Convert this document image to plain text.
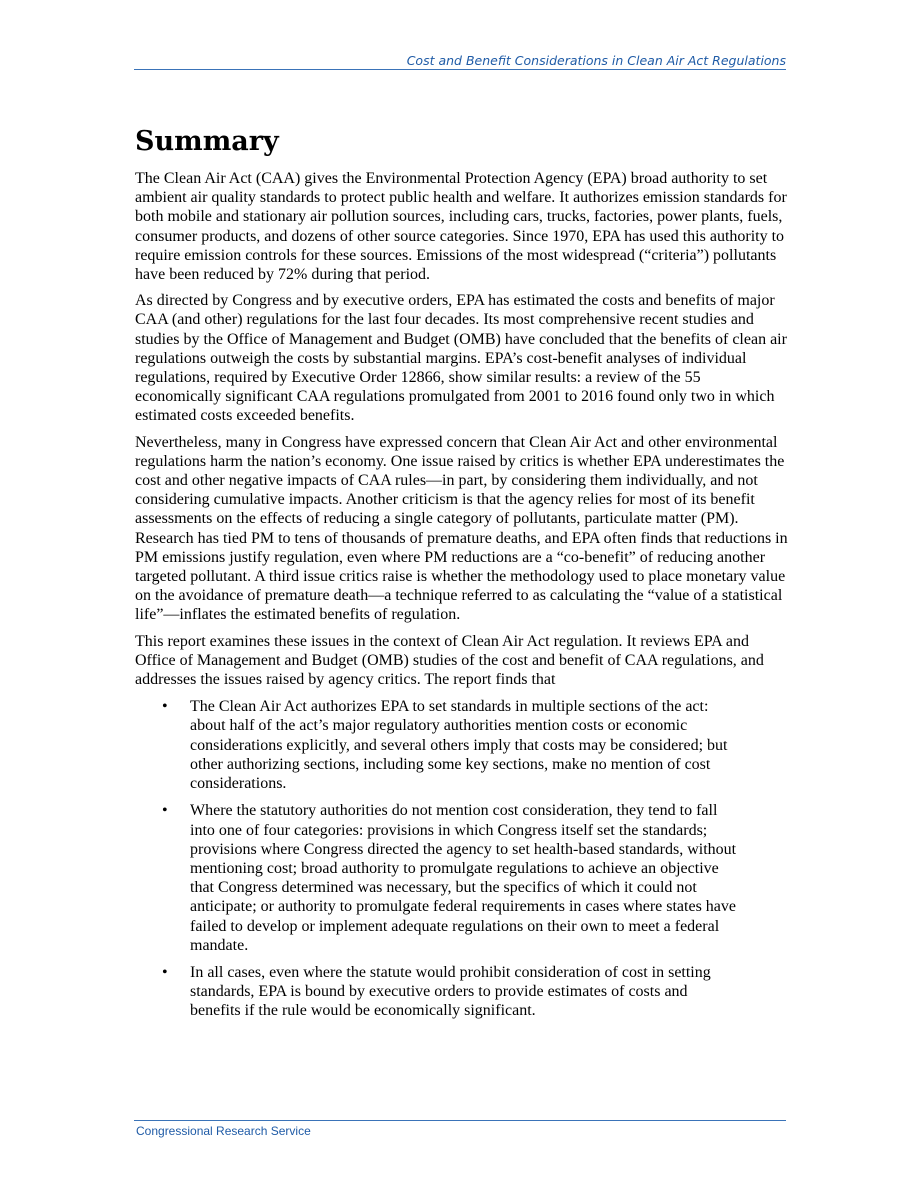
Cost and Benefit Considerations in Clean Air Act Regulations
Summary

The Clean Air Act (CAA) gives the Environmental Protection Agency (EPA) broad authority to set ambient air quality standards to protect public health and welfare. It authorizes emission standards for both mobile and stationary air pollution sources, including cars, trucks, factories, power plants, fuels, consumer products, and dozens of other source categories. Since 1970, EPA has used this authority to require emission controls for these sources. Emissions of the most widespread (“criteria”) pollutants have been reduced by 72% during that period.

As directed by Congress and by executive orders, EPA has estimated the costs and benefits of major CAA (and other) regulations for the last four decades. Its most comprehensive recent studies and studies by the Office of Management and Budget (OMB) have concluded that the benefits of clean air regulations outweigh the costs by substantial margins. EPA’s cost-benefit analyses of individual regulations, required by Executive Order 12866, show similar results: a review of the 55 economically significant CAA regulations promulgated from 2001 to 2016 found only two in which estimated costs exceeded benefits.

Nevertheless, many in Congress have expressed concern that Clean Air Act and other environmental regulations harm the nation’s economy. One issue raised by critics is whether EPA underestimates the cost and other negative impacts of CAA rules—in part, by considering them individually, and not considering cumulative impacts. Another criticism is that the agency relies for most of its benefit assessments on the effects of reducing a single category of pollutants, particulate matter (PM). Research has tied PM to tens of thousands of premature deaths, and EPA often finds that reductions in PM emissions justify regulation, even where PM reductions are a “co-benefit” of reducing another targeted pollutant. A third issue critics raise is whether the methodology used to place monetary value on the avoidance of premature death—a technique referred to as calculating the “value of a statistical life”—inflates the estimated benefits of regulation.

This report examines these issues in the context of Clean Air Act regulation. It reviews EPA and Office of Management and Budget (OMB) studies of the cost and benefit of CAA regulations, and addresses the issues raised by agency critics. The report finds that

• The Clean Air Act authorizes EPA to set standards in multiple sections of the act: about half of the act’s major regulatory authorities mention costs or economic considerations explicitly, and several others imply that costs may be considered; but other authorizing sections, including some key sections, make no mention of cost considerations.
• Where the statutory authorities do not mention cost consideration, they tend to fall into one of four categories: provisions in which Congress itself set the standards; provisions where Congress directed the agency to set health-based standards, without mentioning cost; broad authority to promulgate regulations to achieve an objective that Congress determined was necessary, but the specifics of which it could not anticipate; or authority to promulgate federal requirements in cases where states have failed to develop or implement adequate regulations on their own to meet a federal mandate.
• In all cases, even where the statute would prohibit consideration of cost in setting standards, EPA is bound by executive orders to provide estimates of costs and benefits if the rule would be economically significant.
Congressional Research Service
